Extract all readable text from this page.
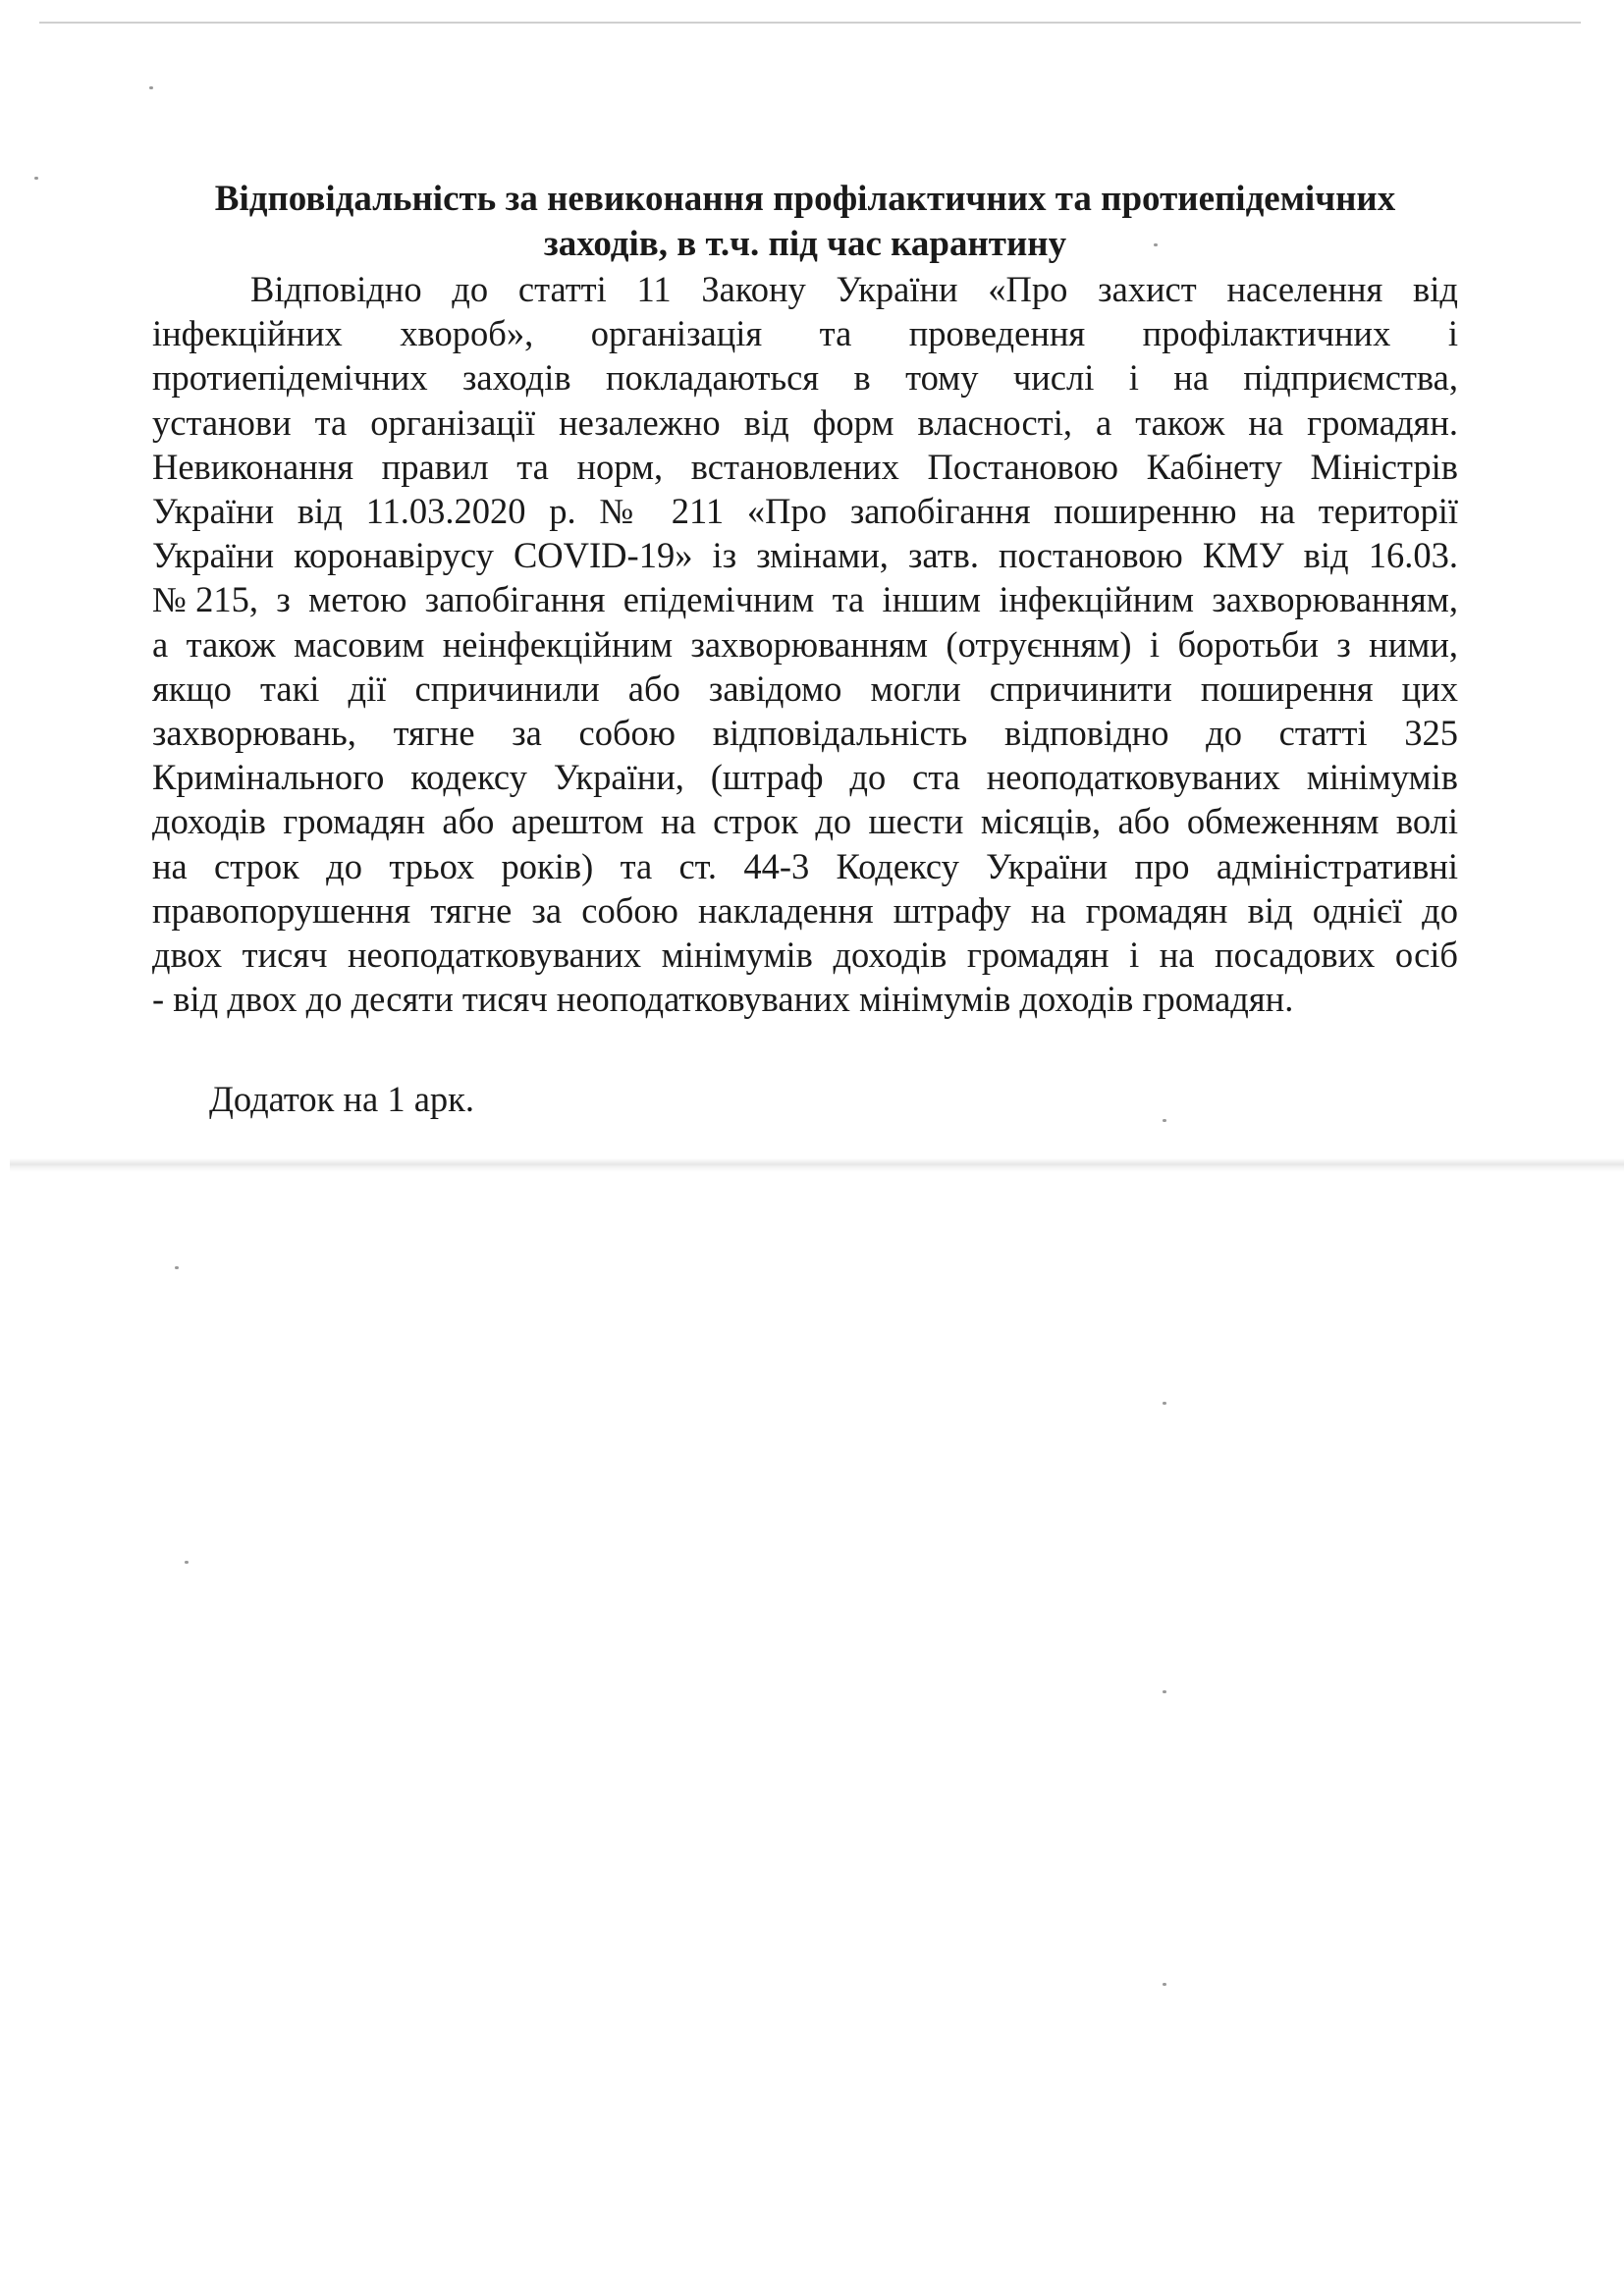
Відповідальність за невиконання профілактичних та протиепідемічних

заходів, в т.ч. під час карантину

Відповідно до статті 11 Закону України «Про захист населення від

інфекційних хвороб», організація та проведення профілактичних і

протиепідемічних заходів покладаються в тому числі і на підприємства,

установи та організації незалежно від форм власності, а також на громадян.

Невиконання правил та норм, встановлених Постановою Кабінету Міністрів

України від 11.03.2020 р. № 211 «Про запобігання поширенню на території

України коронавірусу COVID-19» із змінами, затв. постановою КМУ від 16.03.

№215, з метою запобігання епідемічним та іншим інфекційним захворюванням,

а також масовим неінфекційним захворюванням (отруєнням) і боротьби з ними,

якщо такі дії спричинили або завідомо могли спричинити поширення цих

захворювань, тягне за собою відповідальність відповідно до статті 325

Кримінального кодексу України, (штраф до ста неоподатковуваних мінімумів

доходів громадян або арештом на строк до шести місяців, або обмеженням волі

на строк до трьох років) та ст. 44-3 Кодексу України про адміністративні

правопорушення тягне за собою накладення штрафу на громадян від однієї до

двох тисяч неоподатковуваних мінімумів доходів громадян і на посадових осіб

- від двох до десяти тисяч неоподатковуваних мінімумів доходів громадян.

Додаток на 1 арк.
